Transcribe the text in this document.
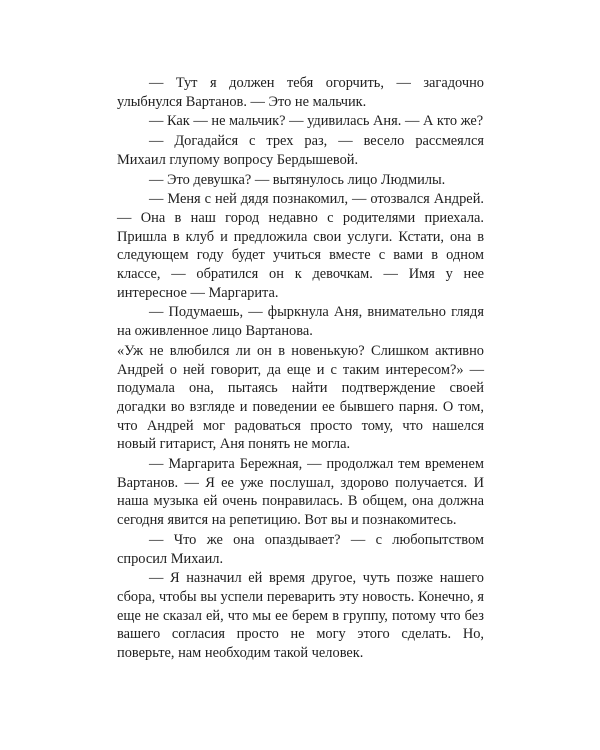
— Тут я должен тебя огорчить, — загадочно улыбнулся Вартанов. — Это не мальчик.

— Как — не мальчик? — удивилась Аня. — А кто же?

— Догадайся с трех раз, — весело рассмеялся Михаил глупому вопросу Бердышевой.

— Это девушка? — вытянулось лицо Людмилы.

— Меня с ней дядя познакомил, — отозвался Андрей. — Она в наш город недавно с родителями приехала. Пришла в клуб и предложила свои услуги. Кстати, она в следующем году будет учиться вместе с вами в одном классе, — обратился он к девочкам. — Имя у нее интересное — Маргарита.

— Подумаешь, — фыркнула Аня, внимательно глядя на оживленное лицо Вартанова.

«Уж не влюбился ли он в новенькую? Слишком активно Андрей о ней говорит, да еще и с таким интересом?» — подумала она, пытаясь найти подтверждение своей догадки во взгляде и поведении ее бывшего парня. О том, что Андрей мог радоваться просто тому, что нашелся новый гитарист, Аня понять не могла.

— Маргарита Бережная, — продолжал тем временем Вартанов. — Я ее уже послушал, здорово получается. И наша музыка ей очень понравилась. В общем, она должна сегодня явится на репетицию. Вот вы и познакомитесь.

— Что же она опаздывает? — с любопытством спросил Михаил.

— Я назначил ей время другое, чуть позже нашего сбора, чтобы вы успели переварить эту новость. Конечно, я еще не сказал ей, что мы ее берем в группу, потому что без вашего согласия просто не могу этого сделать. Но, поверьте, нам необходим такой человек.
